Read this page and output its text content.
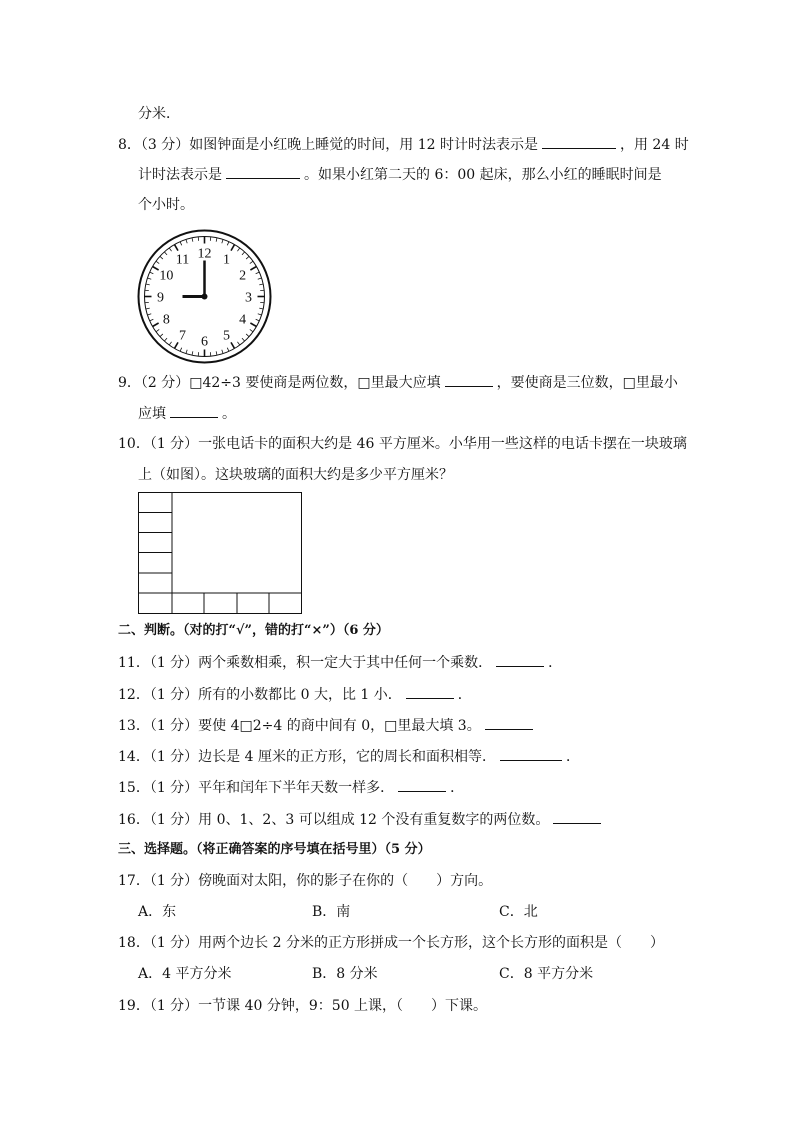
分米．
8．（3 分）如图钟面是小红晚上睡觉的时间，用 12 时计时法表示是	，用 24 时
计时法表示是	。如果小红第二天的 6：00 起床，那么小红的睡眠时间是
个小时。
12 1
2
3
4
5
6
7
8
9
10
11
9．（2 分）□42÷3 要使商是两位数，□里最大应填	，要使商是三位数，□里最小
应填	。
10．（1 分）一张电话卡的面积大约是 46 平方厘米。小华用一些这样的电话卡摆在一块玻璃
上（如图）。这块玻璃的面积大约是多少平方厘米？
二、判断。（对的打“√”，错的打“×”）（6 分）
11．（1 分）两个乘数相乘，积一定大于其中任何一个乘数．	．
12．（1 分）所有的小数都比 0 大，比 1 小．	．
13．（1 分）要使 4□2÷4 的商中间有 0，□里最大填 3。
14．（1 分）边长是 4 厘米的正方形，它的周长和面积相等．	．
15．（1 分）平年和闰年下半年天数一样多．	．
16．（1 分）用 0、1、2、3 可以组成 12 个没有重复数字的两位数。
三、选择题。（将正确答案的序号填在括号里）（5 分）
17．（1 分）傍晚面对太阳，你的影子在你的（　　）方向。
A．东	B．南	C．北
18．（1 分）用两个边长 2 分米的正方形拼成一个长方形，这个长方形的面积是（　　）
A．4 平方分米	B．8 分米	C．8 平方分米
19．（1 分）一节课 40 分钟，9：50 上课，（　　）下课。
